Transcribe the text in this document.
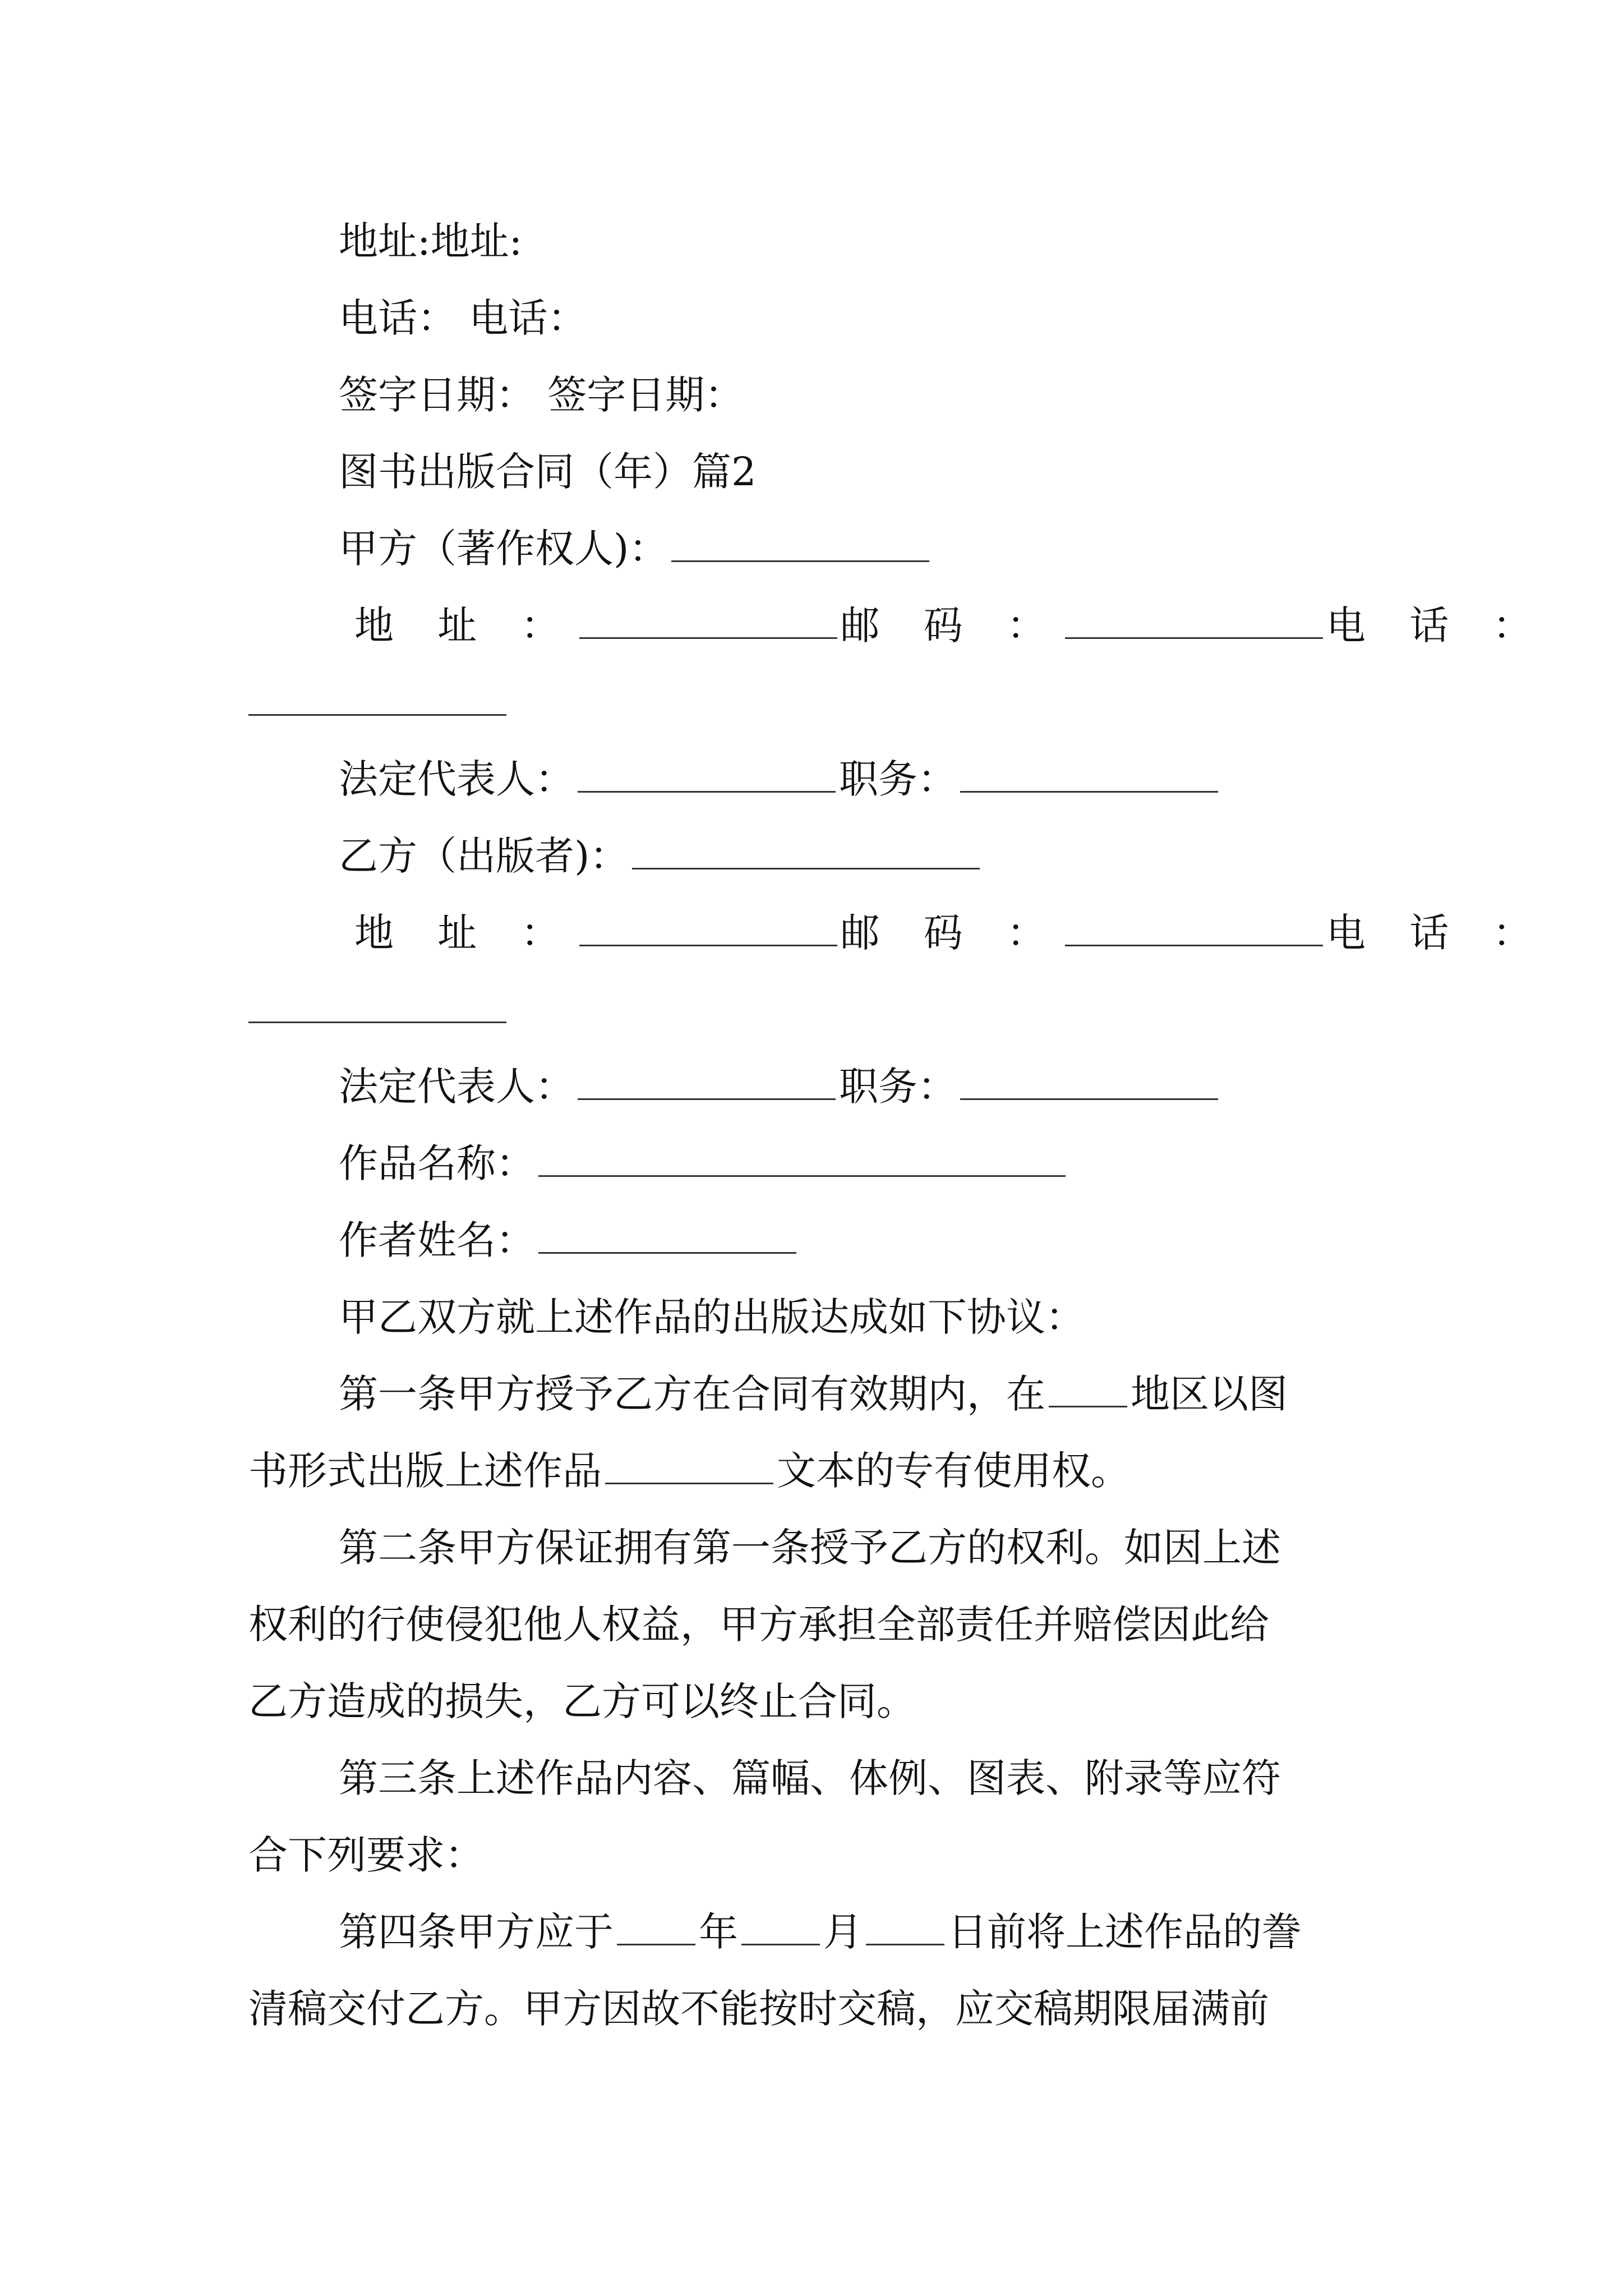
地址:地址:
电话： 电话：
签字日期： 签字日期：
图书出版合同（年）篇2
甲方（著作权人)：
地 址 ：	邮 码 ：	电 话 ：
法定代表人：	职务：
乙方（出版者)：
地 址 ：	邮 码 ：	电 话 ：
法定代表人：	职务：
作品名称：
作者姓名：
甲乙双方就上述作品的出版达成如下协议：
第一条甲方授予乙方在合同有效期内，在 地区以图
书形式出版上述作品	文本的专有使用权。
第二条甲方保证拥有第一条授予乙方的权利。如因上述
权利的行使侵犯他人权益，甲方承担全部责任并赔偿因此给
乙方造成的损失，乙方可以终止合同。
第三条上述作品内容、篇幅、体例、图表、附录等应符
合下列要求：
第四条甲方应于 年 月 日前将上述作品的誊
清稿交付乙方。甲方因故不能按时交稿，应交稿期限届满前
